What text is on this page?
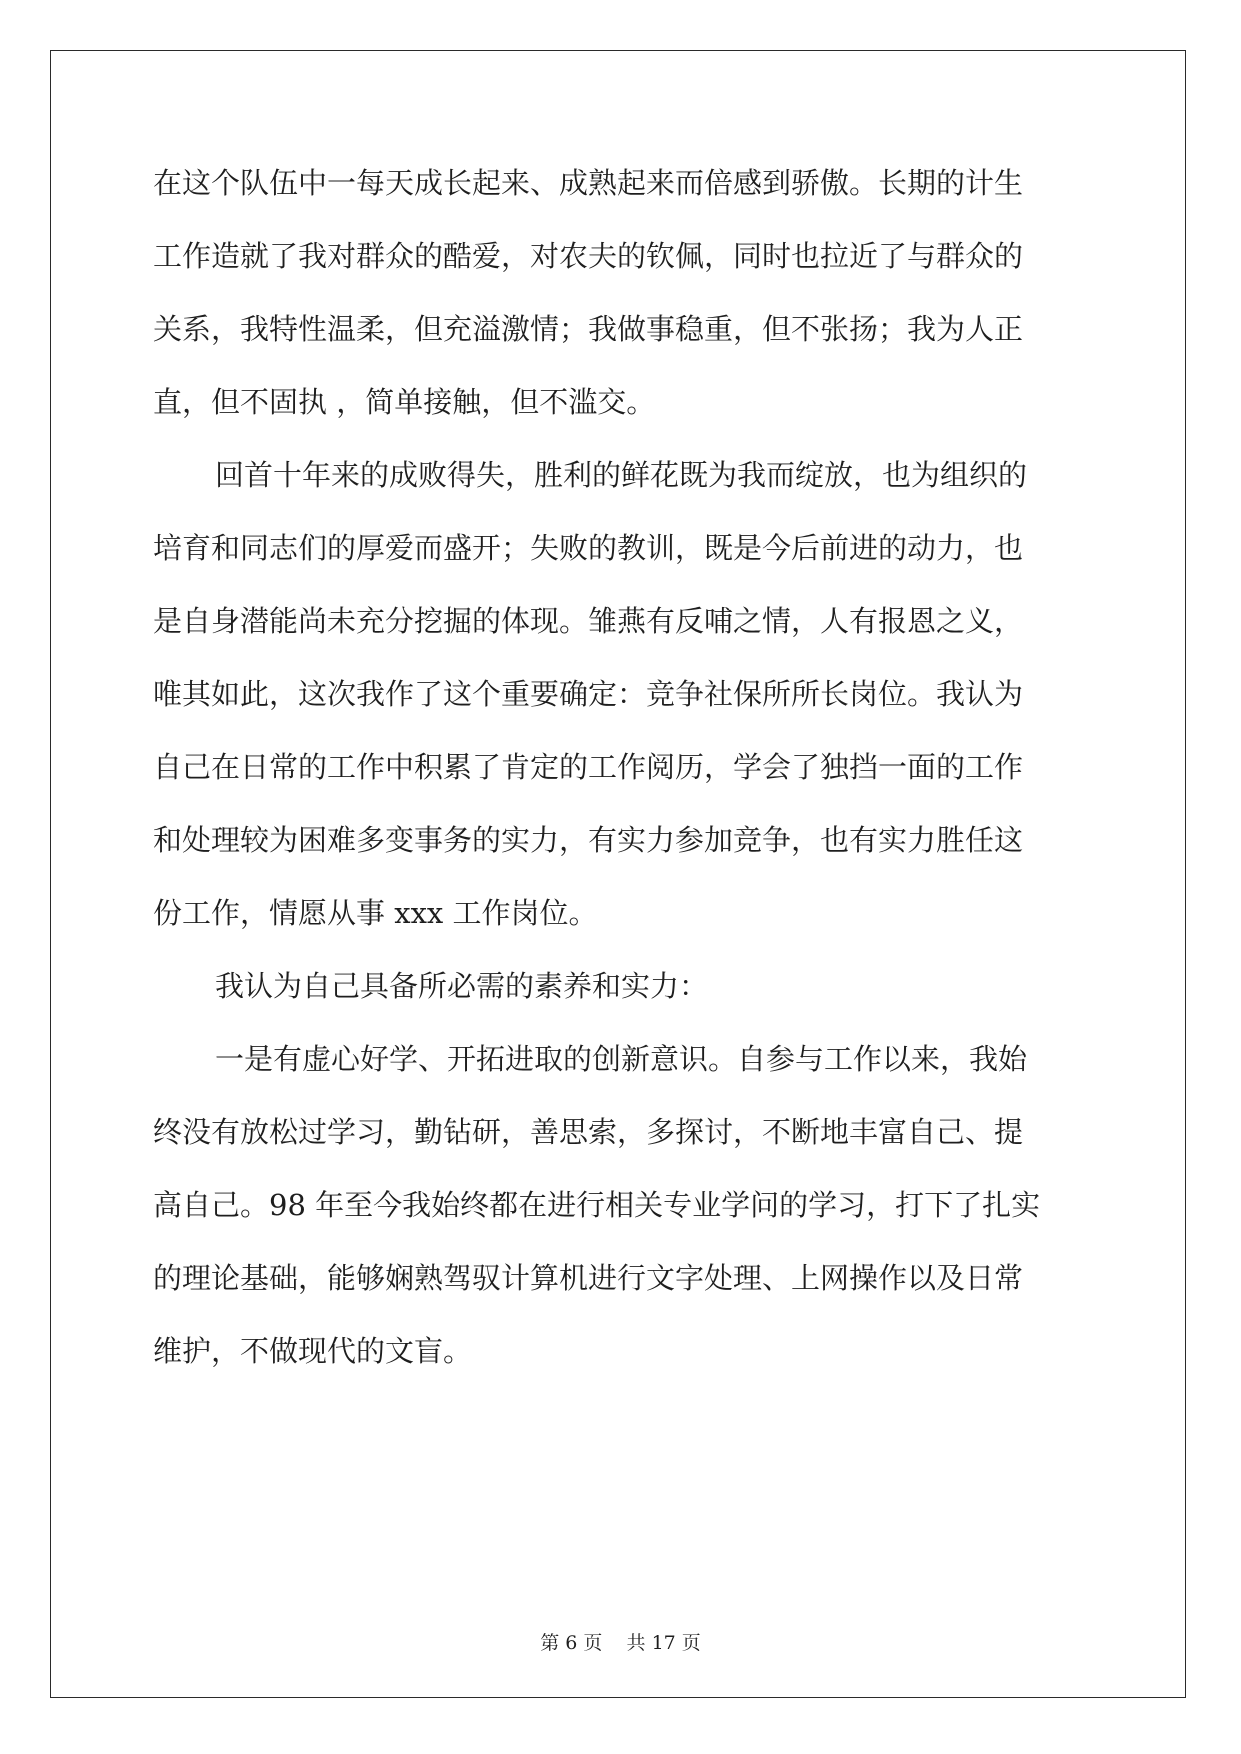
在这个队伍中一每天成长起来、成熟起来而倍感到骄傲。长期的计生

工作造就了我对群众的酷爱，对农夫的钦佩，同时也拉近了与群众的

关系，我特性温柔，但充溢激情；我做事稳重，但不张扬；我为人正

直，但不固执 ，简单接触，但不滥交。

回首十年来的成败得失，胜利的鲜花既为我而绽放，也为组织的

培育和同志们的厚爱而盛开；失败的教训，既是今后前进的动力，也

是自身潜能尚未充分挖掘的体现。雏燕有反哺之情，人有报恩之义，

唯其如此，这次我作了这个重要确定：竞争社保所所长岗位。我认为

自己在日常的工作中积累了肯定的工作阅历，学会了独挡一面的工作

和处理较为困难多变事务的实力，有实力参加竞争，也有实力胜任这

份工作，情愿从事 xxx 工作岗位。

我认为自己具备所必需的素养和实力：

一是有虚心好学、开拓进取的创新意识。自参与工作以来，我始

终没有放松过学习，勤钻研，善思索，多探讨，不断地丰富自己、提

高自己。98 年至今我始终都在进行相关专业学问的学习，打下了扎实

的理论基础，能够娴熟驾驭计算机进行文字处理、上网操作以及日常

维护，不做现代的文盲。

第 6 页 共 17 页
